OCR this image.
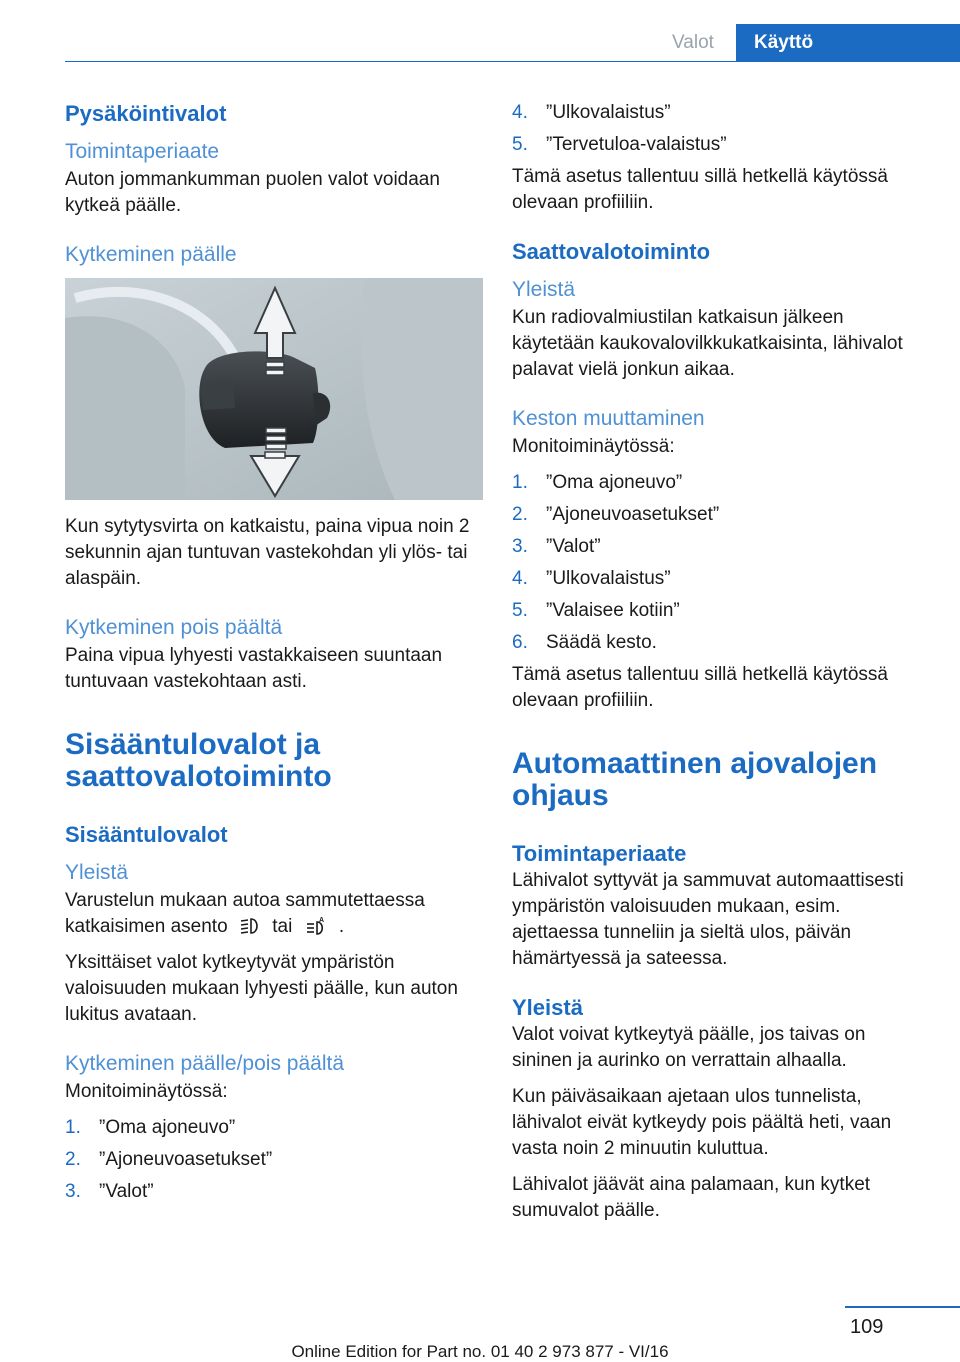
Valot	Käyttö
Pysäköintivalot
Toimintaperiaate

Auton jommankumman puolen valot voidaan kytkeä päälle.

Kytkeminen päälle

Kun sytytysvirta on katkaistu, paina vipua noin 2 sekunnin ajan tuntuvan vastekohdan yli ylös- tai alaspäin.

Kytkeminen pois päältä

Paina vipua lyhyesti vastakkaiseen suuntaan tuntuvaan vastekohtaan asti.

Sisääntulovalot ja saattovalotoiminto
Sisääntulovalot
Yleistä

Varustelun mukaan autoa sammutettaessa katkaisimen asento tai	A .

Yksittäiset valot kytkeytyvät ympäristön valoisuuden mukaan lyhyesti päälle, kun auton lukitus avataan.

Kytkeminen päälle/pois päältä

Monitoiminäytössä:

1. ”Oma ajoneuvo”
2. ”Ajoneuvoasetukset”
3. ”Valot”
4. ”Ulkovalaistus”
5. ”Tervetuloa-valaistus”

Tämä asetus tallentuu sillä hetkellä käytössä olevaan profiiliin.

Saattovalotoiminto
Yleistä

Kun radiovalmiustilan katkaisun jälkeen käytetään kaukovalovilkkukatkaisinta, lähivalot palavat vielä jonkun aikaa.

Keston muuttaminen

Monitoiminäytössä:

1. ”Oma ajoneuvo”
2. ”Ajoneuvoasetukset”
3. ”Valot”
4. ”Ulkovalaistus”
5. ”Valaisee kotiin”
6. Säädä kesto.

Tämä asetus tallentuu sillä hetkellä käytössä olevaan profiiliin.

Automaattinen ajovalojen ohjaus
Toimintaperiaate

Lähivalot syttyvät ja sammuvat automaattisesti ympäristön valoisuuden mukaan, esim. ajettaessa tunneliin ja sieltä ulos, päivän hämärtyessä ja sateessa.

Yleistä

Valot voivat kytkeytyä päälle, jos taivas on sininen ja aurinko on verrattain alhaalla.

Kun päiväsaikaan ajetaan ulos tunnelista, lähivalot eivät kytkeydy pois päältä heti, vaan vasta noin 2 minuutin kuluttua.

Lähivalot jäävät aina palamaan, kun kytket sumuvalot päälle.

109
Online Edition for Part no. 01 40 2 973 877 - VI/16
